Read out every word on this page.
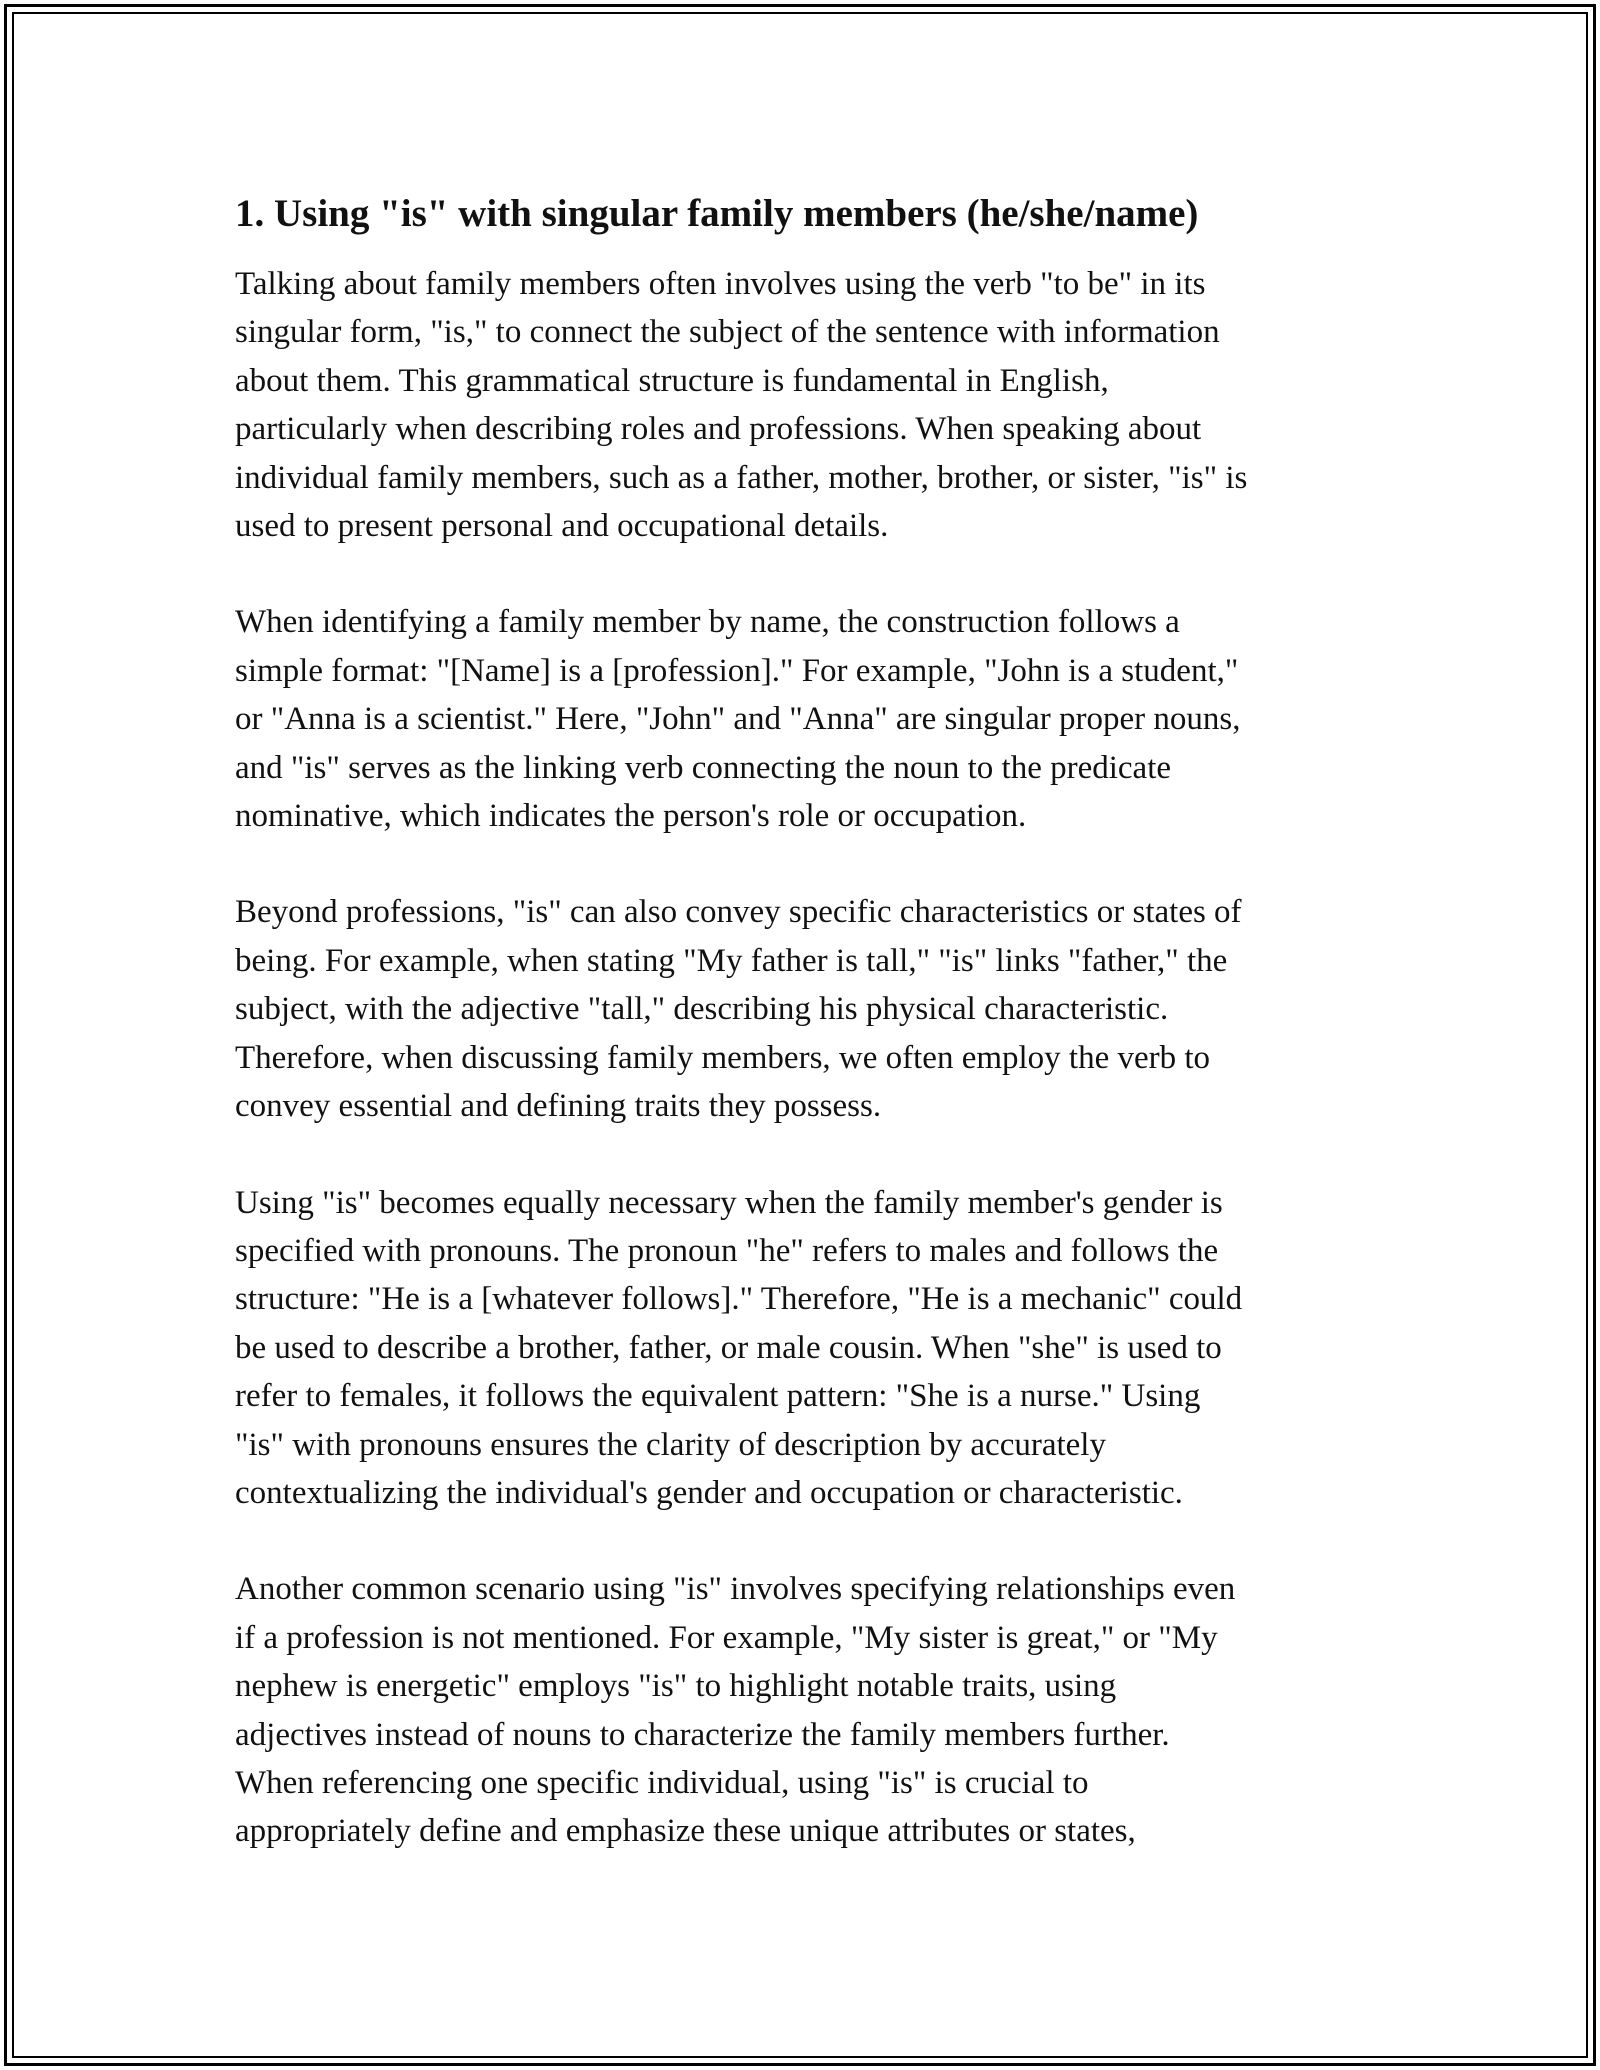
1. Using "is" with singular family members (he/she/name)

Talking about family members often involves using the verb "to be" in its
singular form, "is," to connect the subject of the sentence with information
about them. This grammatical structure is fundamental in English,
particularly when describing roles and professions. When speaking about
individual family members, such as a father, mother, brother, or sister, "is" is
used to present personal and occupational details.

When identifying a family member by name, the construction follows a
simple format: "[Name] is a [profession]." For example, "John is a student,"
or "Anna is a scientist." Here, "John" and "Anna" are singular proper nouns,
and "is" serves as the linking verb connecting the noun to the predicate
nominative, which indicates the person's role or occupation.

Beyond professions, "is" can also convey specific characteristics or states of
being. For example, when stating "My father is tall," "is" links "father," the
subject, with the adjective "tall," describing his physical characteristic.
Therefore, when discussing family members, we often employ the verb to
convey essential and defining traits they possess.

Using "is" becomes equally necessary when the family member's gender is
specified with pronouns. The pronoun "he" refers to males and follows the
structure: "He is a [whatever follows]." Therefore, "He is a mechanic" could
be used to describe a brother, father, or male cousin. When "she" is used to
refer to females, it follows the equivalent pattern: "She is a nurse." Using
"is" with pronouns ensures the clarity of description by accurately
contextualizing the individual's gender and occupation or characteristic.

Another common scenario using "is" involves specifying relationships even
if a profession is not mentioned. For example, "My sister is great," or "My
nephew is energetic" employs "is" to highlight notable traits, using
adjectives instead of nouns to characterize the family members further.
When referencing one specific individual, using "is" is crucial to
appropriately define and emphasize these unique attributes or states,
